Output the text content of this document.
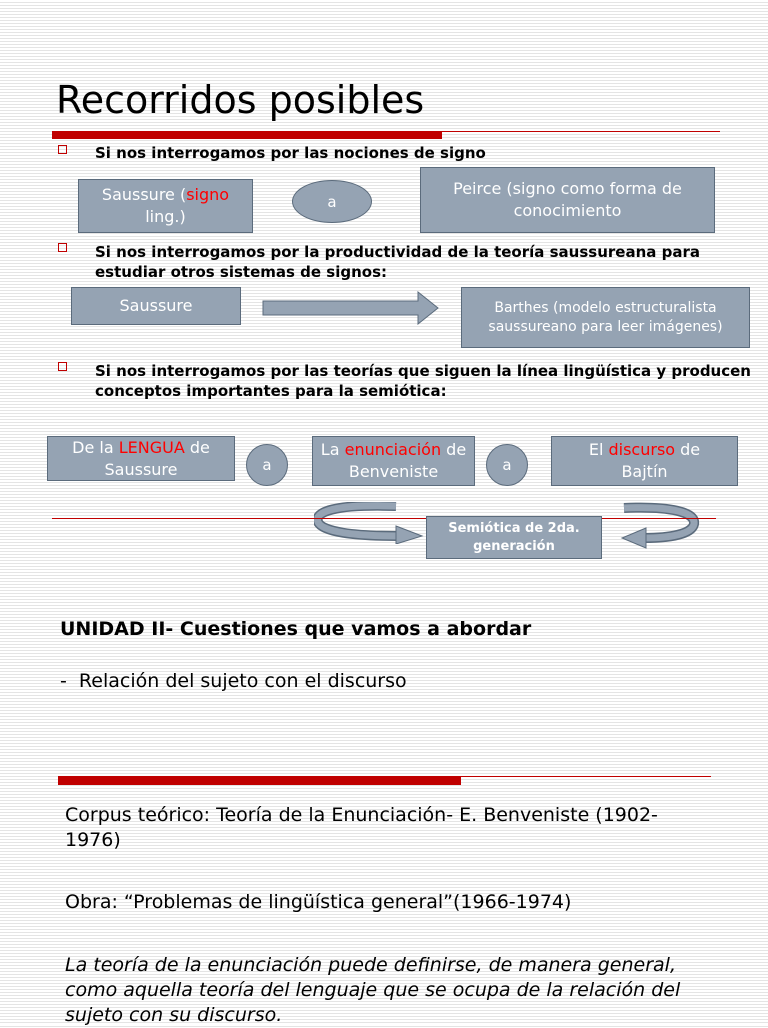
Recorridos posibles
Si nos interrogamos por las nociones de signo
Saussure (signo
ling.)
a
Peirce (signo como forma de conocimiento
Si nos interrogamos por la productividad de la teoría saussureana para estudiar otros sistemas de signos:
Saussure	Barthes (modelo estructuralista saussureano para leer imágenes)
Si nos interrogamos por las teorías que siguen la línea lingüística y producen conceptos importantes para la semiótica:
De la LENGUA de Saussure	a
La enunciación de Benveniste	a
El discurso de Bajtín
Semiótica de 2da. generación
UNIDAD II- Cuestiones que vamos a abordar
-  Relación del sujeto con el discurso
Corpus teórico: Teoría de la Enunciación- E. Benveniste (1902-1976)
Obra: “Problemas de lingüística general”(1966-1974)
La teoría de la enunciación puede definirse, de manera general, como aquella teoría del lenguaje que se ocupa de la relación del sujeto con su discurso.
